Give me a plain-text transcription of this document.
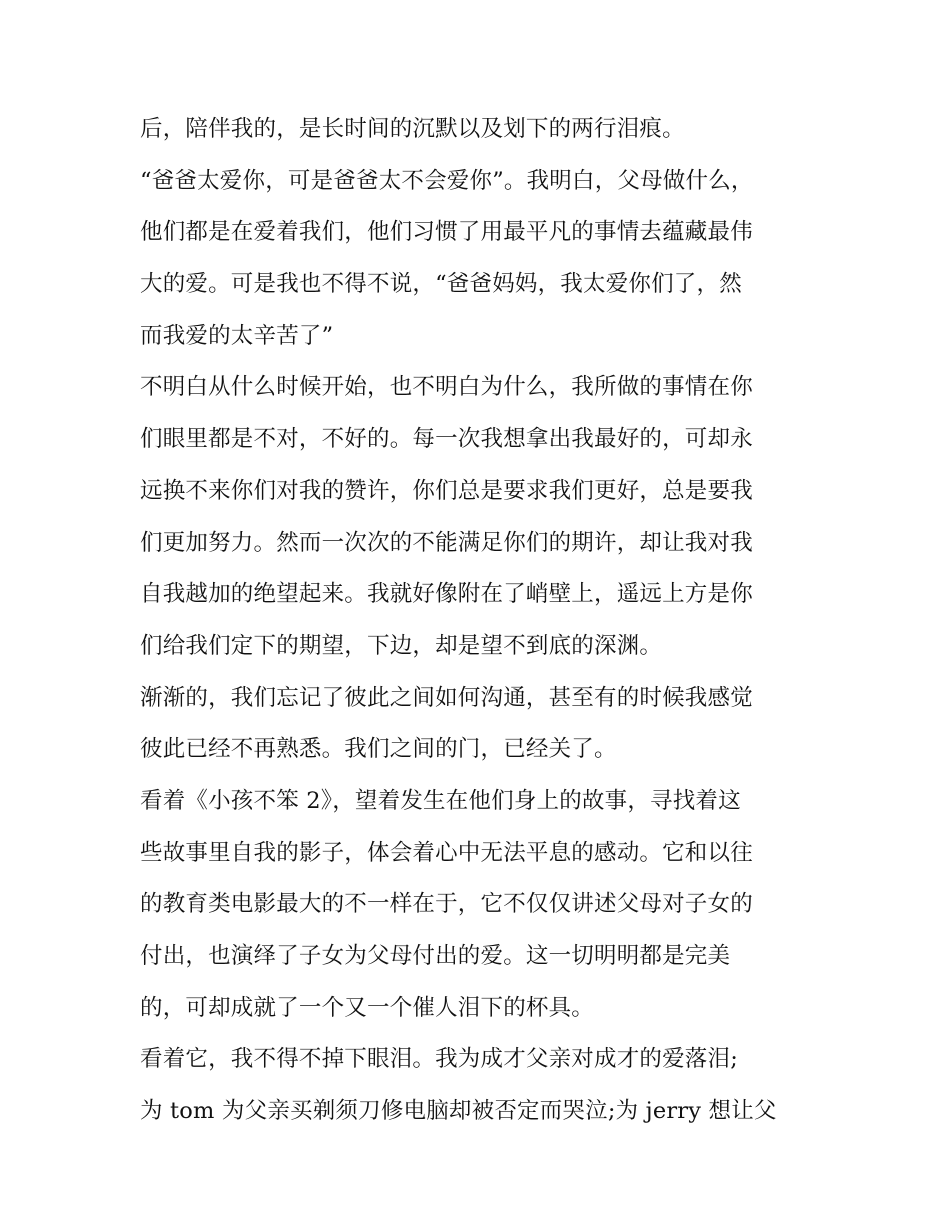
后，陪伴我的，是长时间的沉默以及划下的两行泪痕。
“爸爸太爱你，可是爸爸太不会爱你”。我明白，父母做什么，
他们都是在爱着我们，他们习惯了用最平凡的事情去蕴藏最伟
大的爱。可是我也不得不说，“爸爸妈妈，我太爱你们了，然
而我爱的太辛苦了”
不明白从什么时候开始，也不明白为什么，我所做的事情在你
们眼里都是不对，不好的。每一次我想拿出我最好的，可却永
远换不来你们对我的赞许，你们总是要求我们更好，总是要我
们更加努力。然而一次次的不能满足你们的期许，却让我对我
自我越加的绝望起来。我就好像附在了峭壁上，遥远上方是你
们给我们定下的期望，下边，却是望不到底的深渊。
渐渐的，我们忘记了彼此之间如何沟通，甚至有的时候我感觉
彼此已经不再熟悉。我们之间的门，已经关了。
看着《小孩不笨 2》，望着发生在他们身上的故事，寻找着这
些故事里自我的影子，体会着心中无法平息的感动。它和以往
的教育类电影最大的不一样在于，它不仅仅讲述父母对子女的
付出，也演绎了子女为父母付出的爱。这一切明明都是完美
的，可却成就了一个又一个催人泪下的杯具。
看着它，我不得不掉下眼泪。我为成才父亲对成才的爱落泪;
为 tom 为父亲买剃须刀修电脑却被否定而哭泣;为 jerry 想让父
